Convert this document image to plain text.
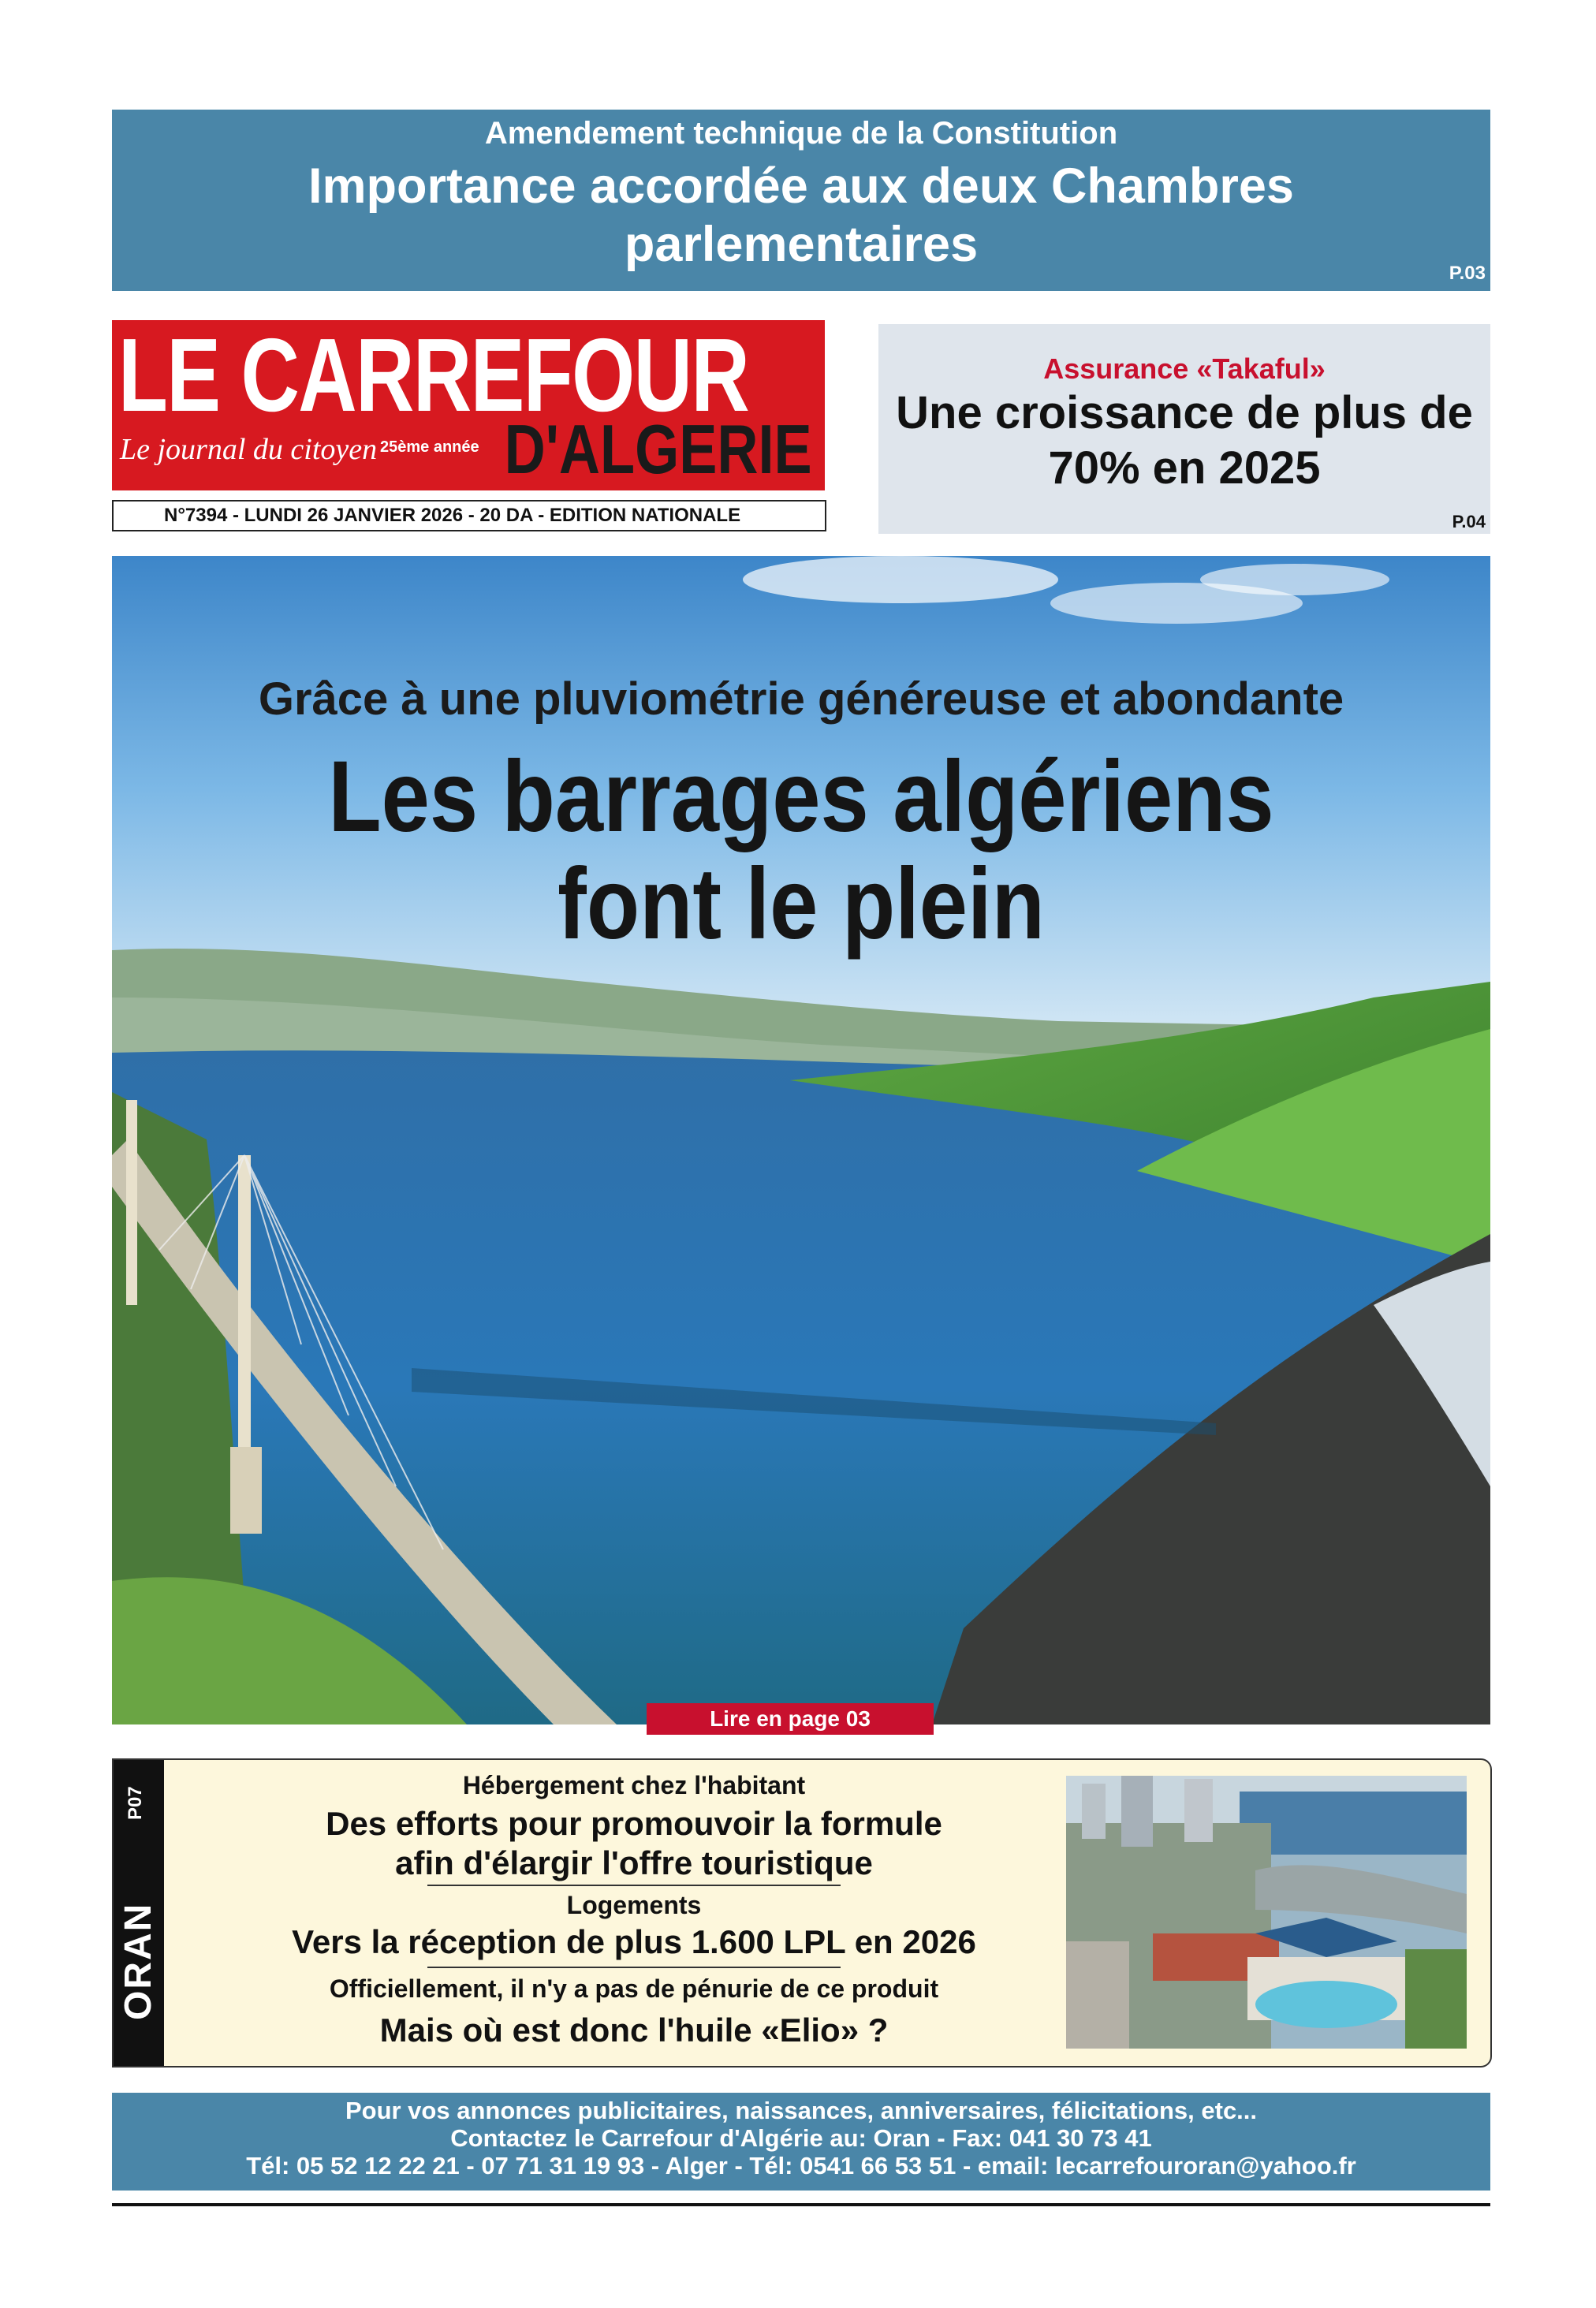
Amendement technique de la Constitution
Importance accordée aux deux Chambres parlementaires
P.03
LE CARREFOUR
Le journal du citoyen 25ème année D'ALGERIE
N°7394 - LUNDI 26 JANVIER 2026 - 20 DA - EDITION NATIONALE
Assurance «Takaful»
Une croissance de plus de 70% en 2025
P.04
Grâce à une pluviométrie généreuse et abondante
Les barrages algériens
font le plein
Lire en page 03
P07
ORAN
Hébergement chez l'habitant
Des efforts pour promouvoir la formule
afin d'élargir l'offre touristique
Logements
Vers la réception de plus 1.600 LPL en 2026
Officiellement, il n'y a pas de pénurie de ce produit
Mais où est donc l'huile «Elio» ?
Pour vos annonces publicitaires, naissances, anniversaires, félicitations, etc...
Contactez le Carrefour d'Algérie au: Oran - Fax: 041 30 73 41
Tél: 05 52 12 22 21 - 07 71 31 19 93 - Alger - Tél: 0541 66 53 51 - email: lecarrefouroran@yahoo.fr
